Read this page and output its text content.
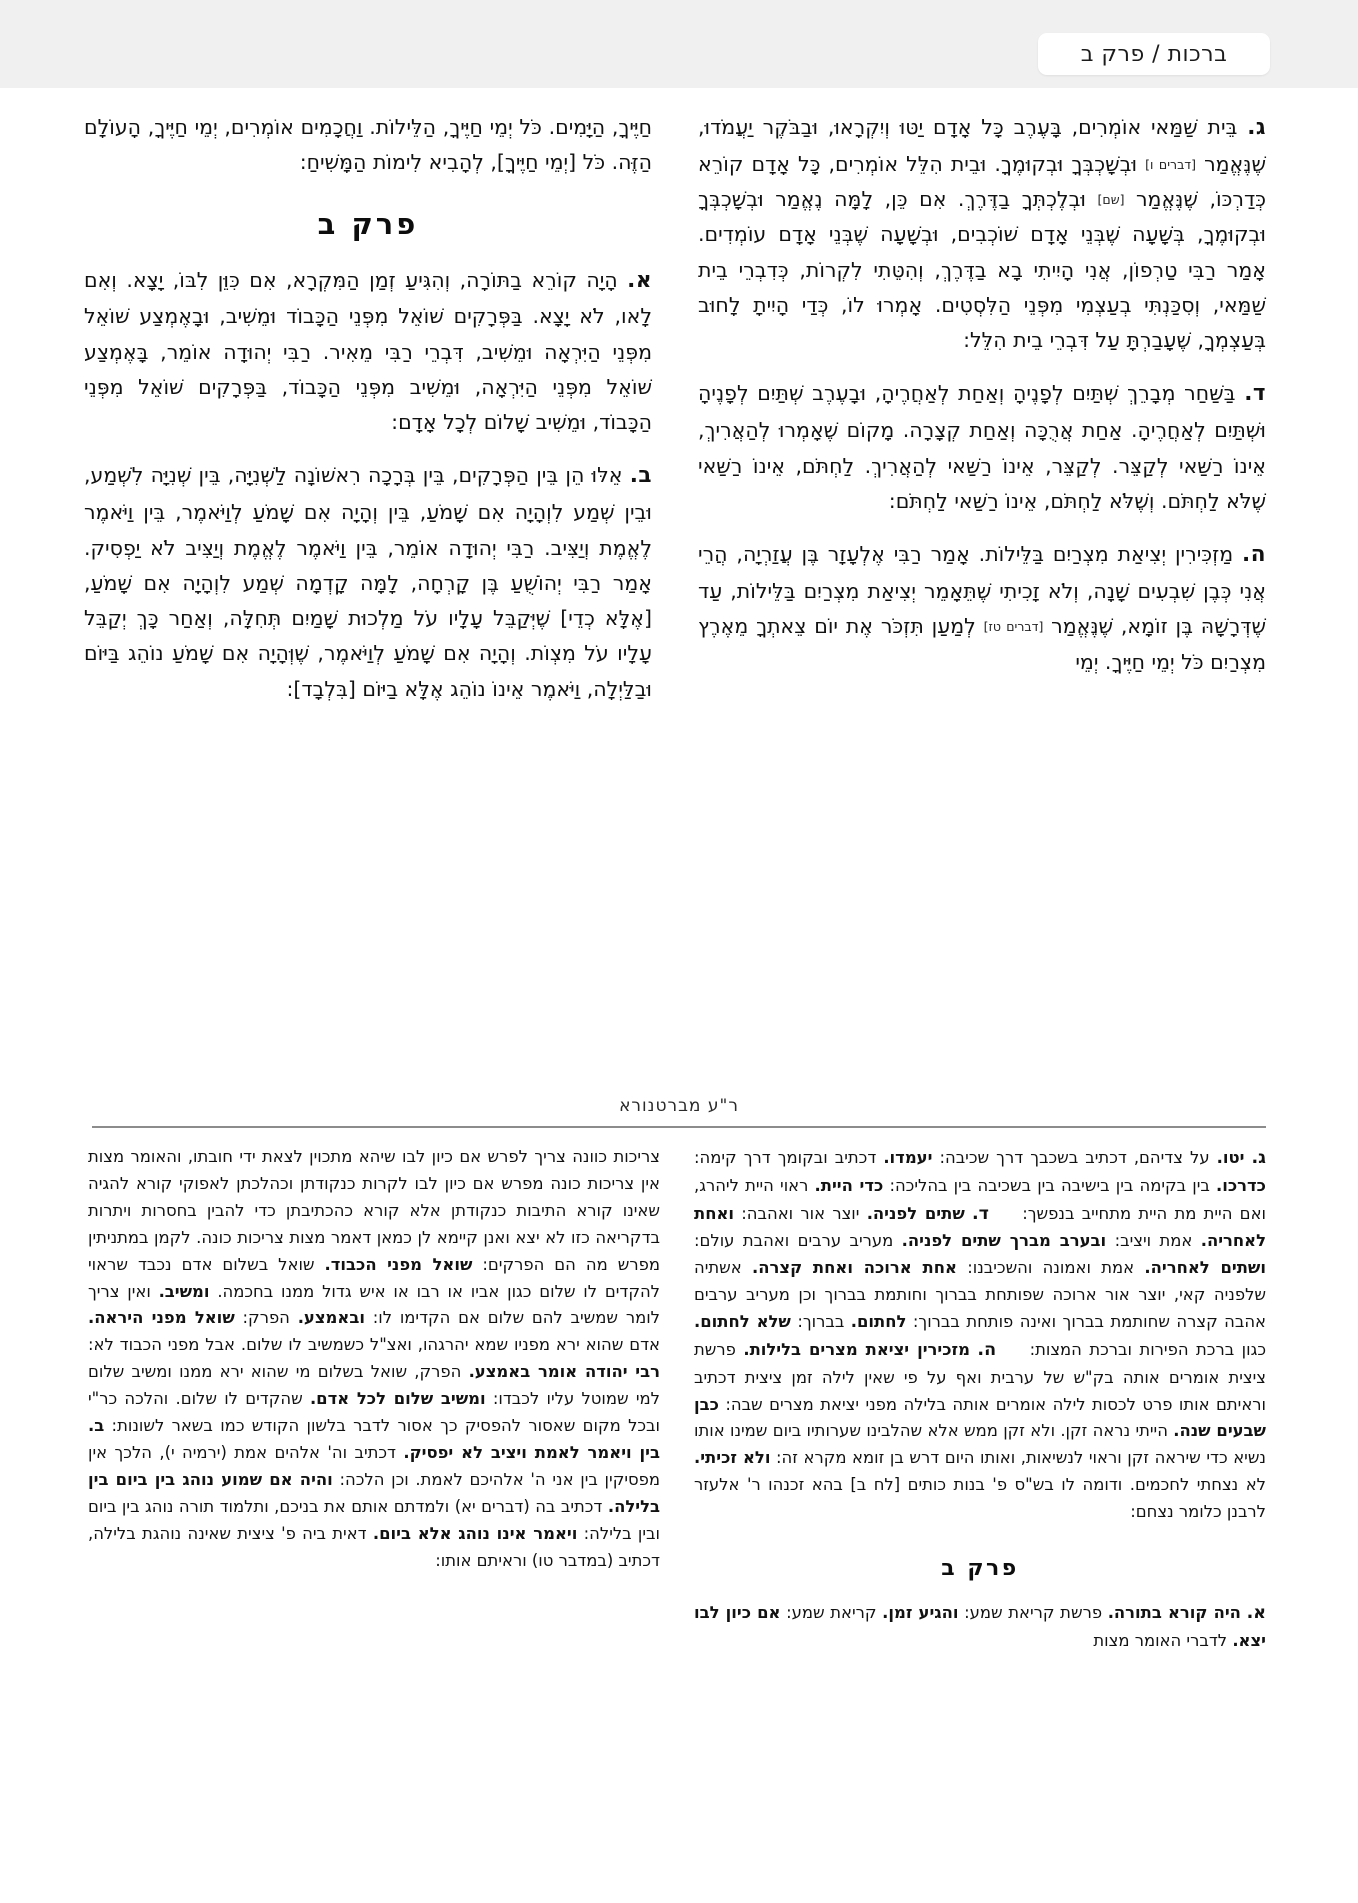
ברכות / פרק ב

ג . בֵּית שַׁמַּאי אוֹמְרִים, בָּעֶרֶב כָּל אָדָם יַטּוּ וְיִקְרָאוּ, וּבַבֹּקֶר יַעֲמֹדוּ, שֶׁנֶּאֱמַר [דברים ו] וּבְשָׁכְבְּךָ וּבְקוּמֶךָ. וּבֵית הִלֵּל אוֹמְרִים, כָּל אָדָם קוֹרֵא כְּדַרְכּוֹ, שֶׁנֶּאֱמַר [שם] וּבְלֶכְתְּךָ בַדֶּרֶךְ. אִם כֵּן, לָמָּה נֶאֱמַר וּבְשָׁכְבְּךָ וּבְקוּמֶךָ, בְּשָׁעָה שֶׁבְּנֵי אָדָם שׁוֹכְבִים, וּבְשָׁעָה שֶׁבְּנֵי אָדָם עוֹמְדִים. אָמַר רַבִּי טַרְפוֹן, אֲנִי הָיִיתִי בָא בַדֶּרֶךְ, וְהִטֵּתִי לִקְרוֹת, כְּדִבְרֵי בֵית שַׁמַּאי, וְסִכַּנְתִּי בְעַצְמִי מִפְּנֵי הַלִּסְטִים. אָמְרוּ לוֹ, כְּדַי הָיִיתָ לָחוּב בְּעַצְמְךָ, שֶׁעָבַרְתָּ עַל דִּבְרֵי בֵית הִלֵּל:

ד . בַּשַּׁחַר מְבָרֵךְ שְׁתַּיִם לְפָנֶיהָ וְאַחַת לְאַחֲרֶיהָ, וּבָעֶרֶב שְׁתַּיִם לְפָנֶיהָ וּשְׁתַּיִם לְאַחֲרֶיהָ. אַחַת אֲרֻכָּה וְאַחַת קְצָרָה. מָקוֹם שֶׁאָמְרוּ לְהַאֲרִיךְ, אֵינוֹ רַשַּׁאי לְקַצֵּר. לְקַצֵּר, אֵינוֹ רַשַּׁאי לְהַאֲרִיךְ. לַחְתֹּם, אֵינוֹ רַשַּׁאי שֶׁלֹּא לַחְתֹּם. וְשֶׁלֹּא לַחְתֹּם, אֵינוֹ רַשַּׁאי לַחְתֹּם:

ה . מַזְכִּירִין יְצִיאַת מִצְרַיִם בַּלֵּילוֹת. אָמַר רַבִּי אֶלְעָזָר בֶּן עֲזַרְיָה, הֲרֵי אֲנִי כְּבֶן שִׁבְעִים שָׁנָה, וְלֹא זָכִיתִי שֶׁתֵּאָמֵר יְצִיאַת מִצְרַיִם בַּלֵּילוֹת, עַד שֶׁדְּרָשָׁהּ בֶּן זוֹמָא, שֶׁנֶּאֱמַר [דברים טז] לְמַעַן תִּזְכֹּר אֶת יוֹם צֵאתְךָ מֵאֶרֶץ מִצְרַיִם כֹּל יְמֵי חַיֶּיךָ. יְמֵי

חַיֶּיךָ, הַיָּמִים. כֹּל יְמֵי חַיֶּיךָ, הַלֵּילוֹת. וַחֲכָמִים אוֹמְרִים, יְמֵי חַיֶּיךָ, הָעוֹלָם הַזֶּה. כֹּל [יְמֵי חַיֶּיךָ], לְהָבִיא לִימוֹת הַמָּשִׁיחַ:

פרק ב

א . הָיָה קוֹרֵא בַתּוֹרָה, וְהִגִּיעַ זְמַן הַמִּקְרָא, אִם כִּוֵּן לִבּוֹ, יָצָא. וְאִם לָאו, לֹא יָצָא. בַּפְּרָקִים שׁוֹאֵל מִפְּנֵי הַכָּבוֹד וּמֵשִׁיב, וּבָאֶמְצַע שׁוֹאֵל מִפְּנֵי הַיִּרְאָה וּמֵשִׁיב, דִּבְרֵי רַבִּי מֵאִיר. רַבִּי יְהוּדָה אוֹמֵר, בָּאֶמְצַע שׁוֹאֵל מִפְּנֵי הַיִּרְאָה, וּמֵשִׁיב מִפְּנֵי הַכָּבוֹד, בַּפְּרָקִים שׁוֹאֵל מִפְּנֵי הַכָּבוֹד, וּמֵשִׁיב שָׁלוֹם לְכָל אָדָם:

ב . אֵלּוּ הֵן בֵּין הַפְּרָקִים, בֵּין בְּרָכָה רִאשׁוֹנָה לַשְּׁנִיָּה, בֵּין שְׁנִיָּה לִשְׁמַע, וּבֵין שְׁמַע לִוְהָיָה אִם שָׁמֹעַ, בֵּין וְהָיָה אִם שָׁמֹעַ לְוַיֹּאמֶר, בֵּין וַיֹּאמֶר לֶאֱמֶת וְיַצִּיב. רַבִּי יְהוּדָה אוֹמֵר, בֵּין וַיֹּאמֶר לֶאֱמֶת וְיַצִּיב לֹא יַפְסִיק. אָמַר רַבִּי יְהוֹשֻׁעַ בֶּן קָרְחָה, לָמָּה קָדְמָה שְׁמַע לִוְהָיָה אִם שָׁמֹעַ, [אֶלָּא כְדֵי] שֶׁיְּקַבֵּל עָלָיו עֹל מַלְכוּת שָׁמַיִם תְּחִלָּה, וְאַחַר כָּךְ יְקַבֵּל עָלָיו עֹל מִצְוֹת. וְהָיָה אִם שָׁמֹעַ לְוַיֹּאמֶר, שֶׁוְּהָיָה אִם שָׁמֹעַ נוֹהֵג בַּיּוֹם וּבַלַּיְלָה, וַיֹּאמֶר אֵינוֹ נוֹהֵג אֶלָּא בַיּוֹם [בִּלְבָד]:

ר"ע מברטנורא

ג . יטו. על צדיהם, דכתיב בשכבך דרך שכיבה: יעמדו. דכתיב ובקומך דרך קימה: כדרכו. בין בקימה בין בישיבה בין בשכיבה בין בהליכה: כדי היית. ראוי היית ליהרג, ואם היית מת היית מתחייב בנפשך: ד . שתים לפניה. יוצר אור ואהבה: ואחת לאחריה. אמת ויציב: ובערב מברך שתים לפניה. מעריב ערבים ואהבת עולם: ושתים לאחריה. אמת ואמונה והשכיבנו: אחת ארוכה ואחת קצרה. אשתיה שלפניה קאי, יוצר אור ארוכה שפותחת בברוך וחותמת בברוך וכן מעריב ערבים אהבה קצרה שחותמת בברוך ואינה פותחת בברוך: לחתום. בברוך: שלא לחתום. כגון ברכת הפירות וברכת המצות: ה . מזכירין יציאת מצרים בלילות. פרשת ציצית אומרים אותה בק"ש של ערבית ואף על פי שאין לילה זמן ציצית דכתיב וראיתם אותו פרט לכסות לילה אומרים אותה בלילה מפני יציאת מצרים שבה: כבן שבעים שנה. הייתי נראה זקן. ולא זקן ממש אלא שהלבינו שערותיו ביום שמינו אותו נשיא כדי שיראה זקן וראוי לנשיאות, ואותו היום דרש בן זומא מקרא זה: ולא זכיתי. לא נצחתי לחכמים. ודומה לו בש"ס פ' בנות כותים [לח ב] בהא זכנהו ר' אלעזר לרבנן כלומר נצחם:

פרק ב

א . היה קורא בתורה. פרשת קריאת שמע: והגיע זמן. קריאת שמע: אם כיון לבו יצא. לדברי האומר מצות

צריכות כוונה צריך לפרש אם כיון לבו שיהא מתכוין לצאת ידי חובתו, והאומר מצות אין צריכות כונה מפרש אם כיון לבו לקרות כנקודתן וכהלכתן לאפוקי קורא להגיה שאינו קורא התיבות כנקודתן אלא קורא כהכתיבתן כדי להבין בחסרות ויתרות בדקריאה כזו לא יצא ואנן קיימא לן כמאן דאמר מצות צריכות כונה. לקמן במתניתין מפרש מה הם הפרקים: שואל מפני הכבוד. שואל בשלום אדם נכבד שראוי להקדים לו שלום כגון אביו או רבו או איש גדול ממנו בחכמה. ומשיב. ואין צריך לומר שמשיב להם שלום אם הקדימו לו: ובאמצע. הפרק: שואל מפני היראה. אדם שהוא ירא מפניו שמא יהרגהו, ואצ"ל כשמשיב לו שלום. אבל מפני הכבוד לא: רבי יהודה אומר באמצע. הפרק, שואל בשלום מי שהוא ירא ממנו ומשיב שלום למי שמוטל עליו לכבדו: ומשיב שלום לכל אדם. שהקדים לו שלום. והלכה כר"י ובכל מקום שאסור להפסיק כך אסור לדבר בלשון הקודש כמו בשאר לשונות: ב. בין ויאמר לאמת ויציב לא יפסיק. דכתיב וה' אלהים אמת (ירמיה י), הלכך אין מפסיקין בין אני ה' אלהיכם לאמת. וכן הלכה: והיה אם שמוע נוהג בין ביום בין בלילה. דכתיב בה (דברים יא) ולמדתם אותם את בניכם, ותלמוד תורה נוהג בין ביום ובין בלילה: ויאמר אינו נוהג אלא ביום. דאית ביה פ' ציצית שאינה נוהגת בלילה, דכתיב (במדבר טו) וראיתם אותו:
